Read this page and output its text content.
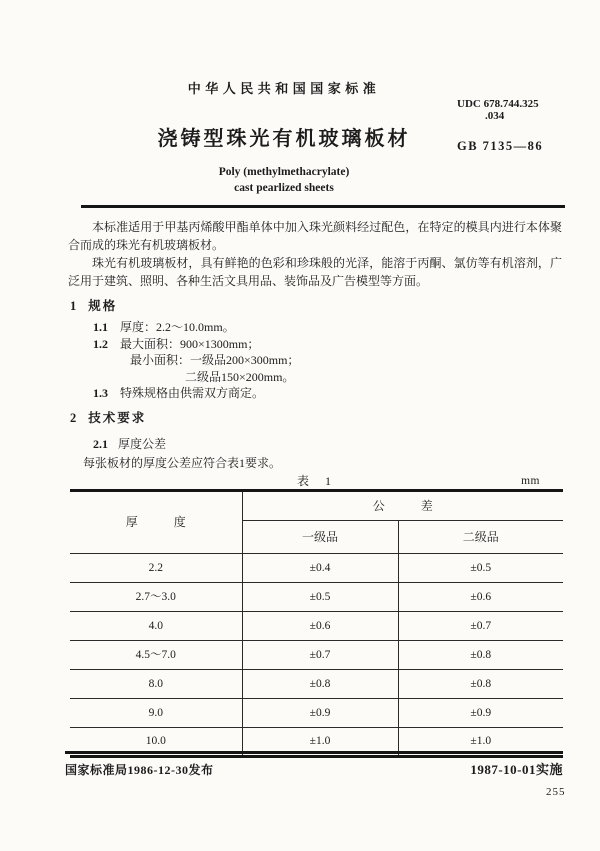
中华人民共和国国家标准
浇铸型珠光有机玻璃板材
Poly (methylmethacrylate)
cast pearlized sheets
UDC 678.744.325
.034
GB 7135—86

本标准适用于甲基丙烯酸甲酯单体中加入珠光颜料经过配色，在特定的模具内进行本体聚合而成的珠光有机玻璃板材。

珠光有机玻璃板材，具有鲜艳的色彩和珍珠般的光泽，能溶于丙酮、氯仿等有机溶剂，广泛用于建筑、照明、各种生活文具用品、装饰品及广告模型等方面。

1 规格
1.1 厚度：2.2～10.0mm。
1.2 最大面积：900×1300mm；
最小面积：一级品200×300mm；
二级品150×200mm。
1.3 特殊规格由供需双方商定。
2 技术要求
2.1 厚度公差
每张板材的厚度公差应符合表1要求。
表　1	mm
厚　　　度	公　　　差	
	一级品	二级品
2.2	±0.4	±0.5
2.7～3.0	±0.5	±0.6
4.0	±0.6	±0.7
4.5～7.0	±0.7	±0.8
8.0	±0.8	±0.8
9.0	±0.9	±0.9
10.0	±1.0	±1.0
国家标准局1986-12-30发布	1987-10-01实施
255
